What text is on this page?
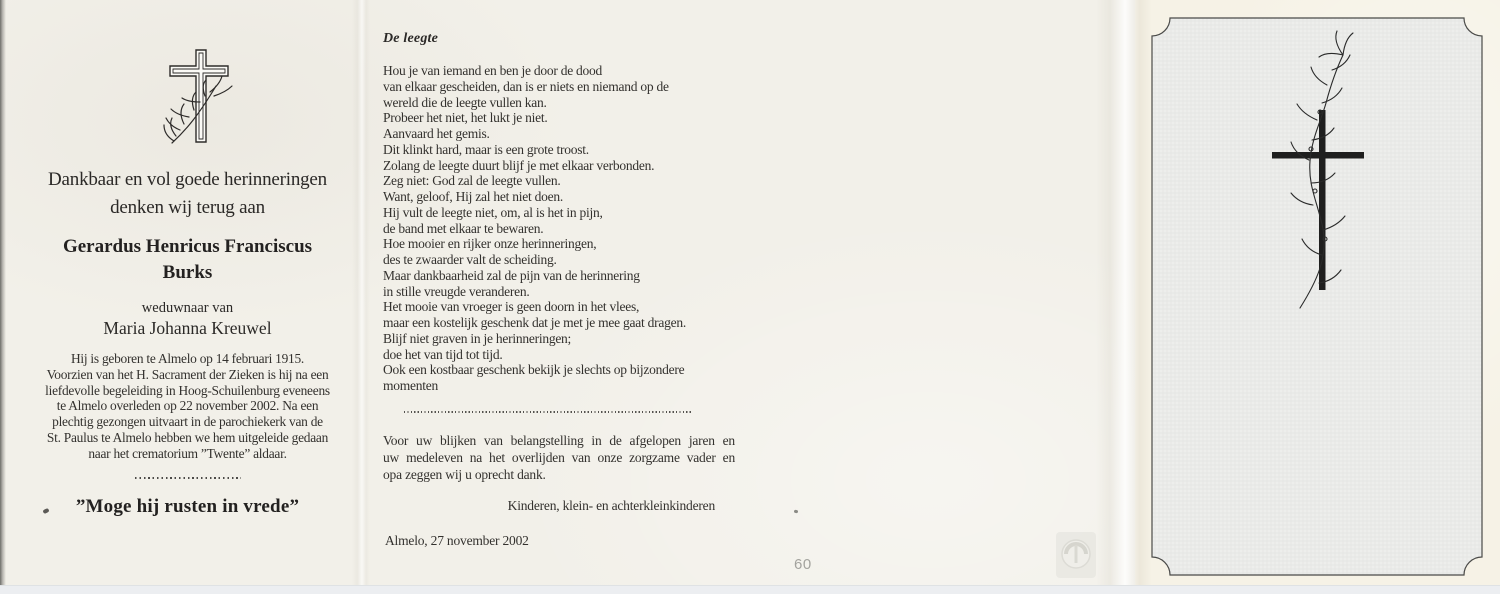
Dankbaar en vol goede herinneringen
denken wij terug aan
Gerardus Henricus Franciscus
Burks
weduwnaar van
Maria Johanna Kreuwel
Hij is geboren te Almelo op 14 februari 1915.
Voorzien van het H. Sacrament der Zieken is hij na een
liefdevolle begeleiding in Hoog-Schuilenburg eveneens
te Almelo overleden op 22 november 2002. Na een
plechtig gezongen uitvaart in de parochiekerk van de
St. Paulus te Almelo hebben we hem uitgeleide gedaan
naar het crematorium ”Twente” aldaar.
”Moge hij rusten in vrede”
De leegte
Hou je van iemand en ben je door de dood
van elkaar gescheiden, dan is er niets en niemand op de
wereld die de leegte vullen kan.
Probeer het niet, het lukt je niet.
Aanvaard het gemis.
Dit klinkt hard, maar is een grote troost.
Zolang de leegte duurt blijf je met elkaar verbonden.
Zeg niet: God zal de leegte vullen.
Want, geloof, Hij zal het niet doen.
Hij vult de leegte niet, om, al is het in pijn,
de band met elkaar te bewaren.
Hoe mooier en rijker onze herinneringen,
des te zwaarder valt de scheiding.
Maar dankbaarheid zal de pijn van de herinnering
in stille vreugde veranderen.
Het mooie van vroeger is geen doorn in het vlees,
maar een kostelijk geschenk dat je met je mee gaat dragen.
Blijf niet graven in je herinneringen;
doe het van tijd tot tijd.
Ook een kostbaar geschenk bekijk je slechts op bijzondere
momenten
Voor uw blijken van belangstelling in de afgelopen jaren en
uw medeleven na het overlijden van onze zorgzame vader en
opa zeggen wij u oprecht dank.
Kinderen, klein- en achterkleinkinderen
Almelo, 27 november 2002
60
